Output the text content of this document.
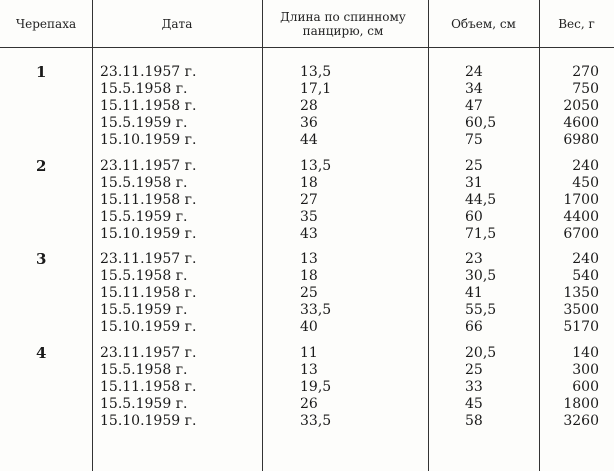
Черепаха	Дата	Длина по спинному панцирю, см	Объем, см	Вес, г
1	23.11.1957 г.	13,5	24	270
15.5.1958 г.	17,1	34	750
15.11.1958 г.	28	47	2050
15.5.1959 г.	36	60,5	4600
15.10.1959 г.	44	75	6980
2	23.11.1957 г.	13,5	25	240
15.5.1958 г.	18	31	450
15.11.1958 г.	27	44,5	1700
15.5.1959 г.	35	60	4400
15.10.1959 г.	43	71,5	6700
3	23.11.1957 г.	13	23	240
15.5.1958 г.	18	30,5	540
15.11.1958 г.	25	41	1350
15.5.1959 г.	33,5	55,5	3500
15.10.1959 г.	40	66	5170
4	23.11.1957 г.	11	20,5	140
15.5.1958 г.	13	25	300
15.11.1958 г.	19,5	33	600
15.5.1959 г.	26	45	1800
15.10.1959 г.	33,5	58	3260
